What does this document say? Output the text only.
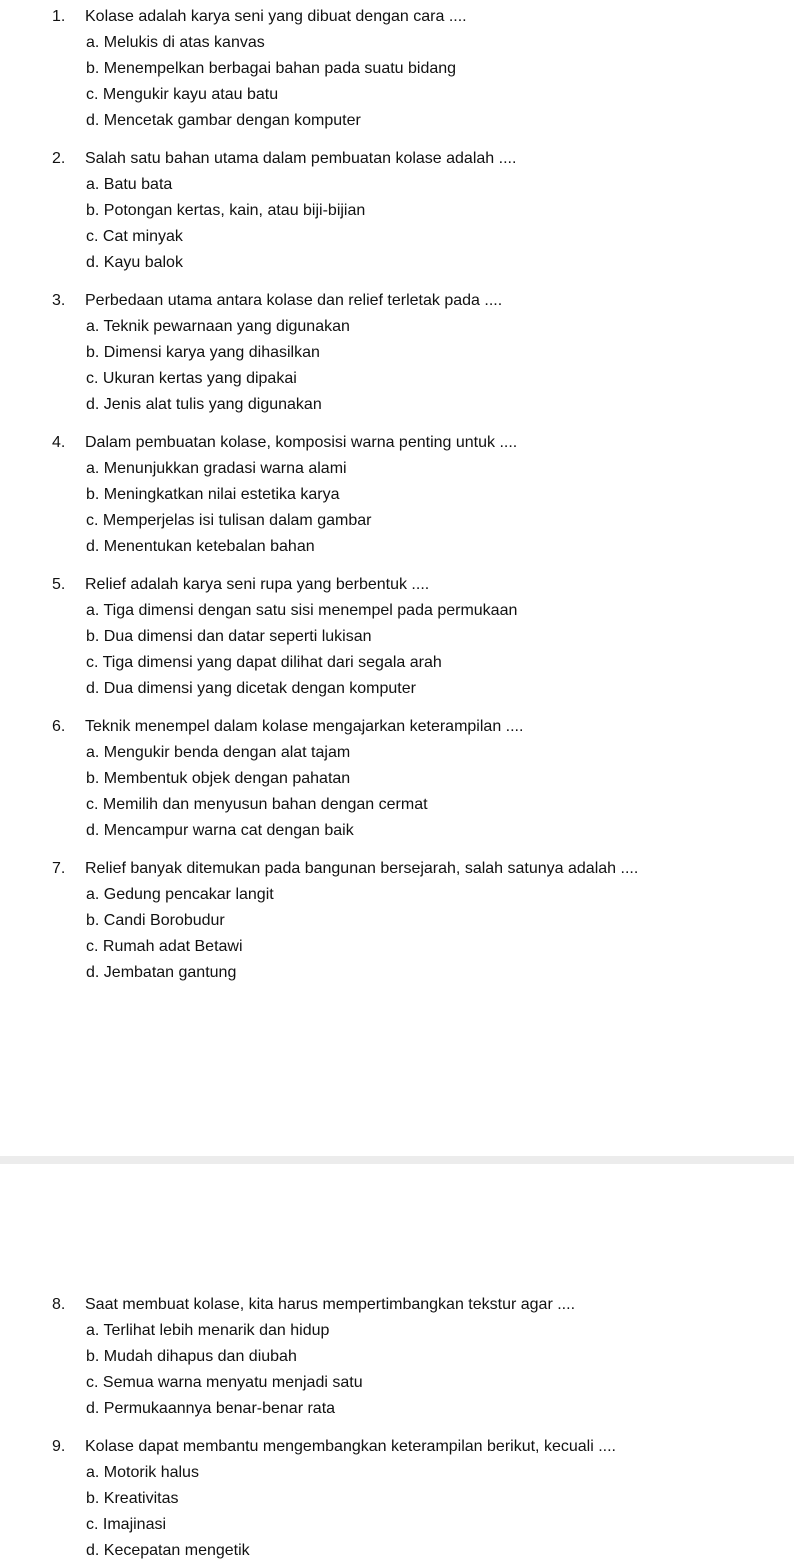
1. Kolase adalah karya seni yang dibuat dengan cara ....
a. Melukis di atas kanvas
b. Menempelkan berbagai bahan pada suatu bidang
c. Mengukir kayu atau batu
d. Mencetak gambar dengan komputer
2. Salah satu bahan utama dalam pembuatan kolase adalah ....
a. Batu bata
b. Potongan kertas, kain, atau biji-bijian
c. Cat minyak
d. Kayu balok
3. Perbedaan utama antara kolase dan relief terletak pada ....
a. Teknik pewarnaan yang digunakan
b. Dimensi karya yang dihasilkan
c. Ukuran kertas yang dipakai
d. Jenis alat tulis yang digunakan
4. Dalam pembuatan kolase, komposisi warna penting untuk ....
a. Menunjukkan gradasi warna alami
b. Meningkatkan nilai estetika karya
c. Memperjelas isi tulisan dalam gambar
d. Menentukan ketebalan bahan
5. Relief adalah karya seni rupa yang berbentuk ....
a. Tiga dimensi dengan satu sisi menempel pada permukaan
b. Dua dimensi dan datar seperti lukisan
c. Tiga dimensi yang dapat dilihat dari segala arah
d. Dua dimensi yang dicetak dengan komputer
6. Teknik menempel dalam kolase mengajarkan keterampilan ....
a. Mengukir benda dengan alat tajam
b. Membentuk objek dengan pahatan
c. Memilih dan menyusun bahan dengan cermat
d. Mencampur warna cat dengan baik
7. Relief banyak ditemukan pada bangunan bersejarah, salah satunya adalah ....
a. Gedung pencakar langit
b. Candi Borobudur
c. Rumah adat Betawi
d. Jembatan gantung
8. Saat membuat kolase, kita harus mempertimbangkan tekstur agar ....
a. Terlihat lebih menarik dan hidup
b. Mudah dihapus dan diubah
c. Semua warna menyatu menjadi satu
d. Permukaannya benar-benar rata
9. Kolase dapat membantu mengembangkan keterampilan berikut, kecuali ....
a. Motorik halus
b. Kreativitas
c. Imajinasi
d. Kecepatan mengetik
